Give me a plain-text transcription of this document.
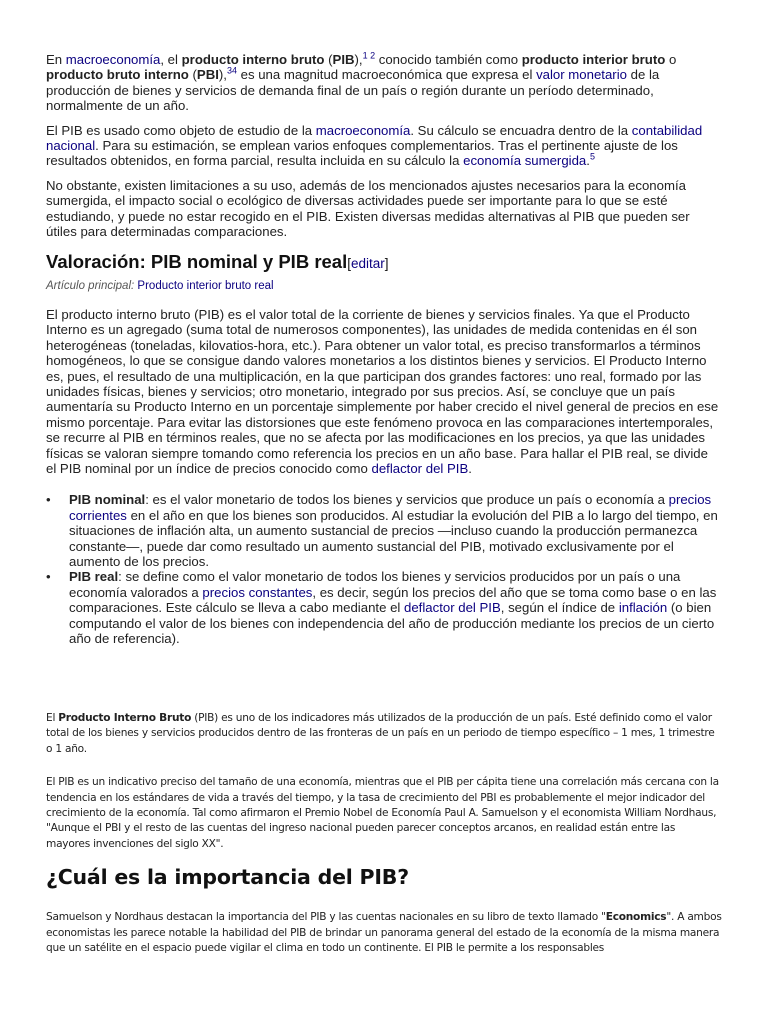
En macroeconomía, el producto interno bruto (PIB),$^{1 2}$ conocido también como producto interior bruto o producto bruto interno (PBI),$^{34}$ es una magnitud macroeconómica que expresa el valor monetario de la producción de bienes y servicios de demanda final de un país o región durante un período determinado, normalmente de un año.

El PIB es usado como objeto de estudio de la macroeconomía. Su cálculo se encuadra dentro de la contabilidad nacional. Para su estimación, se emplean varios enfoques complementarios. Tras el pertinente ajuste de los resultados obtenidos, en forma parcial, resulta incluida en su cálculo la economía sumergida.$^5$

No obstante, existen limitaciones a su uso, además de los mencionados ajustes necesarios para la economía sumergida, el impacto social o ecológico de diversas actividades puede ser importante para lo que se esté estudiando, y puede no estar recogido en el PIB. Existen diversas medidas alternativas al PIB que pueden ser útiles para determinadas comparaciones.

Valoración: PIB nominal y PIB real[editar]

Artículo principal: Producto interior bruto real

El producto interno bruto (PIB) es el valor total de la corriente de bienes y servicios finales. Ya que el Producto Interno es un agregado (suma total de numerosos componentes), las unidades de medida contenidas en él son heterogéneas (toneladas, kilovatios-hora, etc.). Para obtener un valor total, es preciso transformarlos a términos homogéneos, lo que se consigue dando valores monetarios a los distintos bienes y servicios. El Producto Interno es, pues, el resultado de una multiplicación, en la que participan dos grandes factores: uno real, formado por las unidades físicas, bienes y servicios; otro monetario, integrado por sus precios. Así, se concluye que un país aumentaría su Producto Interno en un porcentaje simplemente por haber crecido el nivel general de precios en ese mismo porcentaje. Para evitar las distorsiones que este fenómeno provoca en las comparaciones intertemporales, se recurre al PIB en términos reales, que no se afecta por las modificaciones en los precios, ya que las unidades físicas se valoran siempre tomando como referencia los precios en un año base. Para hallar el PIB real, se divide el PIB nominal por un índice de precios conocido como deflactor del PIB.

• PIB nominal: es el valor monetario de todos los bienes y servicios que produce un país o economía a precios corrientes en el año en que los bienes son producidos. Al estudiar la evolución del PIB a lo largo del tiempo, en situaciones de inflación alta, un aumento sustancial de precios —incluso cuando la producción permanezca constante—, puede dar como resultado un aumento sustancial del PIB, motivado exclusivamente por el aumento de los precios.
• PIB real: se define como el valor monetario de todos los bienes y servicios producidos por un país o una economía valorados a precios constantes, es decir, según los precios del año que se toma como base o en las comparaciones. Este cálculo se lleva a cabo mediante el deflactor del PIB, según el índice de inflación (o bien computando el valor de los bienes con independencia del año de producción mediante los precios de un cierto año de referencia).

El Producto Interno Bruto (PIB) es uno de los indicadores más utilizados de la producción de un país. Esté definido como el valor total de los bienes y servicios producidos dentro de las fronteras de un país en un periodo de tiempo específico – 1 mes, 1 trimestre o 1 año.

El PIB es un indicativo preciso del tamaño de una economía, mientras que el PIB per cápita tiene una correlación más cercana con la tendencia en los estándares de vida a través del tiempo, y la tasa de crecimiento del PBI es probablemente el mejor indicador del crecimiento de la economía. Tal como afirmaron el Premio Nobel de Economía Paul A. Samuelson y el economista William Nordhaus, "Aunque el PBI y el resto de las cuentas del ingreso nacional pueden parecer conceptos arcanos, en realidad están entre las mayores invenciones del siglo XX".

¿Cuál es la importancia del PIB?

Samuelson y Nordhaus destacan la importancia del PIB y las cuentas nacionales en su libro de texto llamado "Economics". A ambos economistas les parece notable la habilidad del PIB de brindar un panorama general del estado de la economía de la misma manera que un satélite en el espacio puede vigilar el clima en todo un continente. El PIB le permite a los responsables
